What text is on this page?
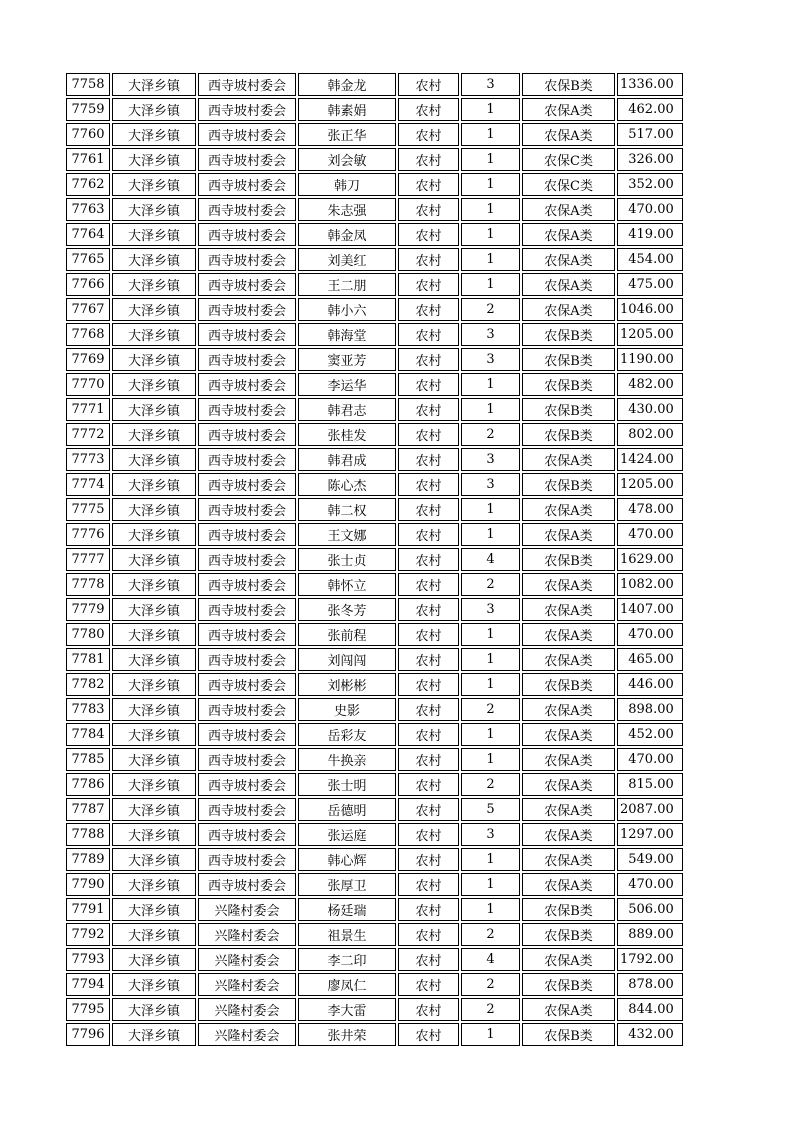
7758	大泽乡镇	西寺坡村委会	韩金龙	农村	3	农保B类	1336.00
7759	大泽乡镇	西寺坡村委会	韩素娟	农村	1	农保A类	462.00
7760	大泽乡镇	西寺坡村委会	张正华	农村	1	农保A类	517.00
7761	大泽乡镇	西寺坡村委会	刘会敏	农村	1	农保C类	326.00
7762	大泽乡镇	西寺坡村委会	韩刀	农村	1	农保C类	352.00
7763	大泽乡镇	西寺坡村委会	朱志强	农村	1	农保A类	470.00
7764	大泽乡镇	西寺坡村委会	韩金凤	农村	1	农保A类	419.00
7765	大泽乡镇	西寺坡村委会	刘美红	农村	1	农保A类	454.00
7766	大泽乡镇	西寺坡村委会	王二朋	农村	1	农保A类	475.00
7767	大泽乡镇	西寺坡村委会	韩小六	农村	2	农保A类	1046.00
7768	大泽乡镇	西寺坡村委会	韩海堂	农村	3	农保B类	1205.00
7769	大泽乡镇	西寺坡村委会	窦亚芳	农村	3	农保B类	1190.00
7770	大泽乡镇	西寺坡村委会	李运华	农村	1	农保B类	482.00
7771	大泽乡镇	西寺坡村委会	韩君志	农村	1	农保B类	430.00
7772	大泽乡镇	西寺坡村委会	张桂发	农村	2	农保B类	802.00
7773	大泽乡镇	西寺坡村委会	韩君成	农村	3	农保A类	1424.00
7774	大泽乡镇	西寺坡村委会	陈心杰	农村	3	农保B类	1205.00
7775	大泽乡镇	西寺坡村委会	韩二权	农村	1	农保A类	478.00
7776	大泽乡镇	西寺坡村委会	王文娜	农村	1	农保A类	470.00
7777	大泽乡镇	西寺坡村委会	张士贞	农村	4	农保B类	1629.00
7778	大泽乡镇	西寺坡村委会	韩怀立	农村	2	农保A类	1082.00
7779	大泽乡镇	西寺坡村委会	张冬芳	农村	3	农保A类	1407.00
7780	大泽乡镇	西寺坡村委会	张前程	农村	1	农保A类	470.00
7781	大泽乡镇	西寺坡村委会	刘闯闯	农村	1	农保A类	465.00
7782	大泽乡镇	西寺坡村委会	刘彬彬	农村	1	农保B类	446.00
7783	大泽乡镇	西寺坡村委会	史影	农村	2	农保A类	898.00
7784	大泽乡镇	西寺坡村委会	岳彩友	农村	1	农保A类	452.00
7785	大泽乡镇	西寺坡村委会	牛换亲	农村	1	农保A类	470.00
7786	大泽乡镇	西寺坡村委会	张士明	农村	2	农保A类	815.00
7787	大泽乡镇	西寺坡村委会	岳德明	农村	5	农保A类	2087.00
7788	大泽乡镇	西寺坡村委会	张运庭	农村	3	农保A类	1297.00
7789	大泽乡镇	西寺坡村委会	韩心辉	农村	1	农保A类	549.00
7790	大泽乡镇	西寺坡村委会	张厚卫	农村	1	农保A类	470.00
7791	大泽乡镇	兴隆村委会	杨廷瑞	农村	1	农保B类	506.00
7792	大泽乡镇	兴隆村委会	祖景生	农村	2	农保B类	889.00
7793	大泽乡镇	兴隆村委会	李二印	农村	4	农保A类	1792.00
7794	大泽乡镇	兴隆村委会	廖凤仁	农村	2	农保B类	878.00
7795	大泽乡镇	兴隆村委会	李大雷	农村	2	农保A类	844.00
7796	大泽乡镇	兴隆村委会	张井荣	农村	1	农保B类	432.00
